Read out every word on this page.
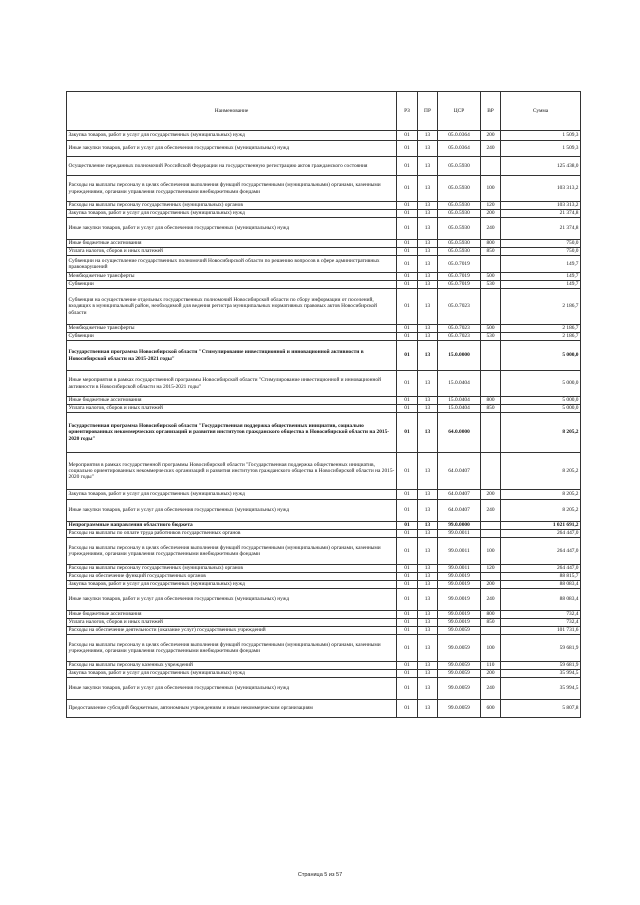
Наименование	РЗ	ПР	ЦСР	ВР	Сумма
Закупка товаров, работ и услуг для государственных (муниципальных) нужд	01	13	05.0.0364	200	1 509,3
Иные закупки товаров, работ и услуг для обеспечения государственных (муниципальных) нужд	01	13	05.0.0364	240	1 509,3
Осуществление переданных полномочий Российской Федерации на государственную регистрацию актов гражданского состояния	01	13	05.0.5930		125 438,0
Расходы на выплаты персоналу в целях обеспечения выполнения функций государственными (муниципальными) органами, казенными учреждениями, органами управления государственными внебюджетными фондами	01	13	05.0.5930	100	103 313,2
Расходы на выплаты персоналу государственных (муниципальных) органов	01	13	05.0.5930	120	103 313,2
Закупка товаров, работ и услуг для государственных (муниципальных) нужд	01	13	05.0.5930	200	21 374,8
Иные закупки товаров, работ и услуг для обеспечения государственных (муниципальных) нужд	01	13	05.0.5930	240	21 374,8
Иные бюджетные ассигнования	01	13	05.0.5930	800	750,0
Уплата налогов, сборов и иных платежей	01	13	05.0.5930	850	750,0
Субвенции на осуществление государственных полномочий Новосибирской области по решению вопросов в сфере административных правонарушений	01	13	05.0.7019		149,7
Межбюджетные трансферты	01	13	05.0.7019	500	149,7
Субвенции	01	13	05.0.7019	530	149,7
Субвенция на осуществление отдельных государственных полномочий Новосибирской области по сбору информации от поселений, входящих в муниципальный район, необходимой для ведения регистра муниципальных нормативных правовых актов Новосибирской области	01	13	05.0.7023		2 186,7
Межбюджетные трансферты	01	13	05.0.7023	500	2 186,7
Субвенции	01	13	05.0.7023	530	2 186,7
Государственная программа Новосибирской области "Стимулирование инвестиционной и инновационной активности в Новосибирской области на 2015-2021 годы"	01	13	15.0.0000		5 000,0
Иные мероприятия в рамках государственной программы Новосибирской области "Стимулирование инвестиционной и инновационной активности в Новосибирской области на 2015-2021 годы"	01	13	15.0.0404		5 000,0
Иные бюджетные ассигнования	01	13	15.0.0404	800	5 000,0
Уплата налогов, сборов и иных платежей	01	13	15.0.0404	850	5 000,0
Государственная программа Новосибирской области "Государственная поддержка общественных инициатив, социально ориентированных некоммерческих организаций и развития институтов гражданского общества в Новосибирской области на 2015-2020 годы"	01	13	64.0.0000		8 205,2
Мероприятия в рамках государственной программы Новосибирской области "Государственная поддержка общественных инициатив, социально ориентированных некоммерческих организаций и развития институтов гражданского общества в Новосибирской области на 2015-2020 годы"	01	13	64.0.0407		8 205,2
Закупка товаров, работ и услуг для государственных (муниципальных) нужд	01	13	64.0.0407	200	8 205,2
Иные закупки товаров, работ и услуг для обеспечения государственных (муниципальных) нужд	01	13	64.0.0407	240	8 205,2
Непрограммные направления областного бюджета	01	13	99.0.0000		1 021 691,2
Расходы на выплаты по оплате труда работников государственных органов	01	13	99.0.0011		264 447,0
Расходы на выплаты персоналу в целях обеспечения выполнения функций государственными (муниципальными) органами, казенными учреждениями, органами управления государственными внебюджетными фондами	01	13	99.0.0011	100	264 447,0
Расходы на выплаты персоналу государственных (муниципальных) органов	01	13	99.0.0011	120	264 447,0
Расходы на обеспечение функций государственных органов	01	13	99.0.0019		88 815,7
Закупка товаров, работ и услуг для государственных (муниципальных) нужд	01	13	99.0.0019	200	88 083,4
Иные закупки товаров, работ и услуг для обеспечения государственных (муниципальных) нужд	01	13	99.0.0019	240	88 083,4
Иные бюджетные ассигнования	01	13	99.0.0019	800	732,4
Уплата налогов, сборов и иных платежей	01	13	99.0.0019	850	732,4
Расходы на обеспечение деятельности (оказание услуг) государственных учреждений	01	13	99.0.0059		101 731,6
Расходы на выплаты персоналу в целях обеспечения выполнения функций государственными (муниципальными) органами, казенными учреждениями, органами управления государственными внебюджетными фондами	01	13	99.0.0059	100	59 681,9
Расходы на выплаты персоналу казенных учреждений	01	13	99.0.0059	110	59 681,9
Закупка товаров, работ и услуг для государственных (муниципальных) нужд	01	13	99.0.0059	200	35 994,5
Иные закупки товаров, работ и услуг для обеспечения государственных (муниципальных) нужд	01	13	99.0.0059	240	35 994,5
Предоставление субсидий бюджетным, автономным учреждениям и иным некоммерческим организациям	01	13	99.0.0059	600	5 807,8
Страница 5 из 57
